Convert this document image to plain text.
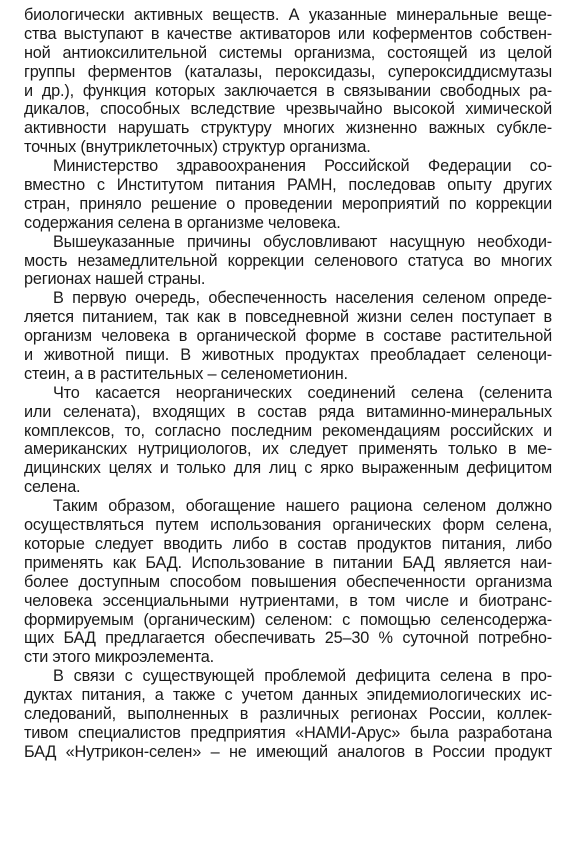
биологически активных веществ. А указанные минеральные веще-
ства выступают в качестве активаторов или коферментов собствен-
ной антиоксилительной системы организма, состоящей из целой
группы ферментов (каталазы, пероксидазы, супероксиддисмутазы
и др.), функция которых заключается в связывании свободных ра-
дикалов, способных вследствие чрезвычайно высокой химической
активности нарушать структуру многих жизненно важных субкле-
точных (внутриклеточных) структур организма.
Министерство здравоохранения Российской Федерации со-
вместно с Институтом питания РАМН, последовав опыту других
стран, приняло решение о проведении мероприятий по коррекции
содержания селена в организме человека.
Вышеуказанные причины обусловливают насущную необходи-
мость незамедлительной коррекции селенового статуса во многих
регионах нашей страны.
В первую очередь, обеспеченность населения селеном опреде-
ляется питанием, так как в повседневной жизни селен поступает в
организм человека в органической форме в составе растительной
и животной пищи. В животных продуктах преобладает селеноци-
стеин, а в растительных – селенометионин.
Что касается неорганических соединений селена (селенита
или селената), входящих в состав ряда витаминно-минеральных
комплексов, то, согласно последним рекомендациям российских и
американских нутрициологов, их следует применять только в ме-
дицинских целях и только для лиц с ярко выраженным дефицитом
селена.
Таким образом, обогащение нашего рациона селеном должно
осуществляться путем использования органических форм селена,
которые следует вводить либо в состав продуктов питания, либо
применять как БАД. Использование в питании БАД является наи-
более доступным способом повышения обеспеченности организма
человека эссенциальными нутриентами, в том числе и биотранс-
формируемым (органическим) селеном: с помощью селенсодержа-
щих БАД предлагается обеспечивать 25–30 % суточной потребно-
сти этого микроэлемента.
В связи с существующей проблемой дефицита селена в про-
дуктах питания, а также с учетом данных эпидемиологических ис-
следований, выполненных в различных регионах России, коллек-
тивом специалистов предприятия «НАМИ-Арус» была разработана
БАД «Нутрикон-селен» – не имеющий аналогов в России продукт
